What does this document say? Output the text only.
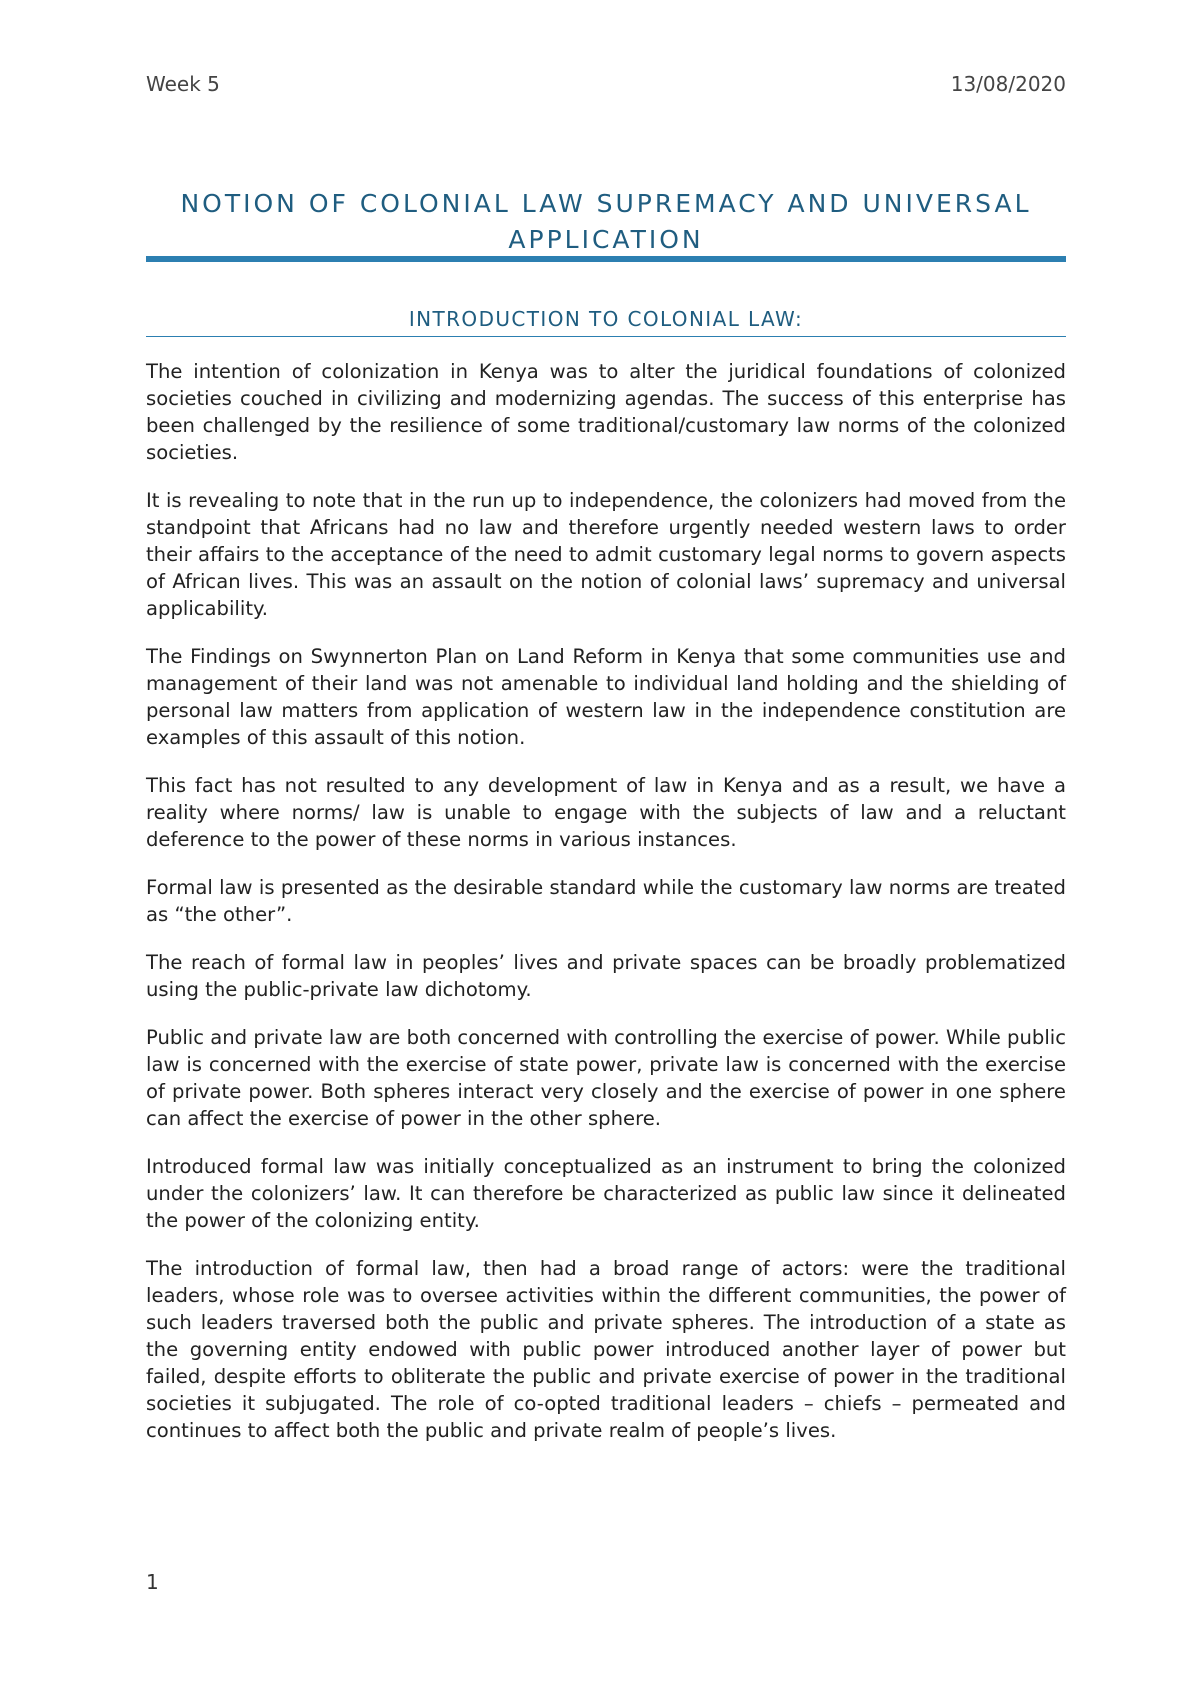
Week 5	13/08/2020
NOTION OF COLONIAL LAW SUPREMACY AND UNIVERSAL APPLICATION
INTRODUCTION TO COLONIAL LAW:

The intention of colonization in Kenya was to alter the juridical foundations of colonized societies couched in civilizing and modernizing agendas. The success of this enterprise has been challenged by the resilience of some traditional/customary law norms of the colonized societies.

It is revealing to note that in the run up to independence, the colonizers had moved from the standpoint that Africans had no law and therefore urgently needed western laws to order their affairs to the acceptance of the need to admit customary legal norms to govern aspects of African lives. This was an assault on the notion of colonial laws’ supremacy and universal applicability.

The Findings on Swynnerton Plan on Land Reform in Kenya that some communities use and management of their land was not amenable to individual land holding and the shielding of personal law matters from application of western law in the independence constitution are examples of this assault of this notion.

This fact has not resulted to any development of law in Kenya and as a result, we have a reality where norms/ law is unable to engage with the subjects of law and a reluctant deference to the power of these norms in various instances.

Formal law is presented as the desirable standard while the customary law norms are treated as “the other”.

The reach of formal law in peoples’ lives and private spaces can be broadly problematized using the public-private law dichotomy.

Public and private law are both concerned with controlling the exercise of power. While public law is concerned with the exercise of state power, private law is concerned with the exercise of private power. Both spheres interact very closely and the exercise of power in one sphere can affect the exercise of power in the other sphere.

Introduced formal law was initially conceptualized as an instrument to bring the colonized under the colonizers’ law. It can therefore be characterized as public law since it delineated the power of the colonizing entity.

The introduction of formal law, then had a broad range of actors: were the traditional leaders, whose role was to oversee activities within the different communities, the power of such leaders traversed both the public and private spheres. The introduction of a state as the governing entity endowed with public power introduced another layer of power but failed, despite efforts to obliterate the public and private exercise of power in the traditional societies it subjugated. The role of co-opted traditional leaders – chiefs – permeated and continues to affect both the public and private realm of people’s lives.

1
